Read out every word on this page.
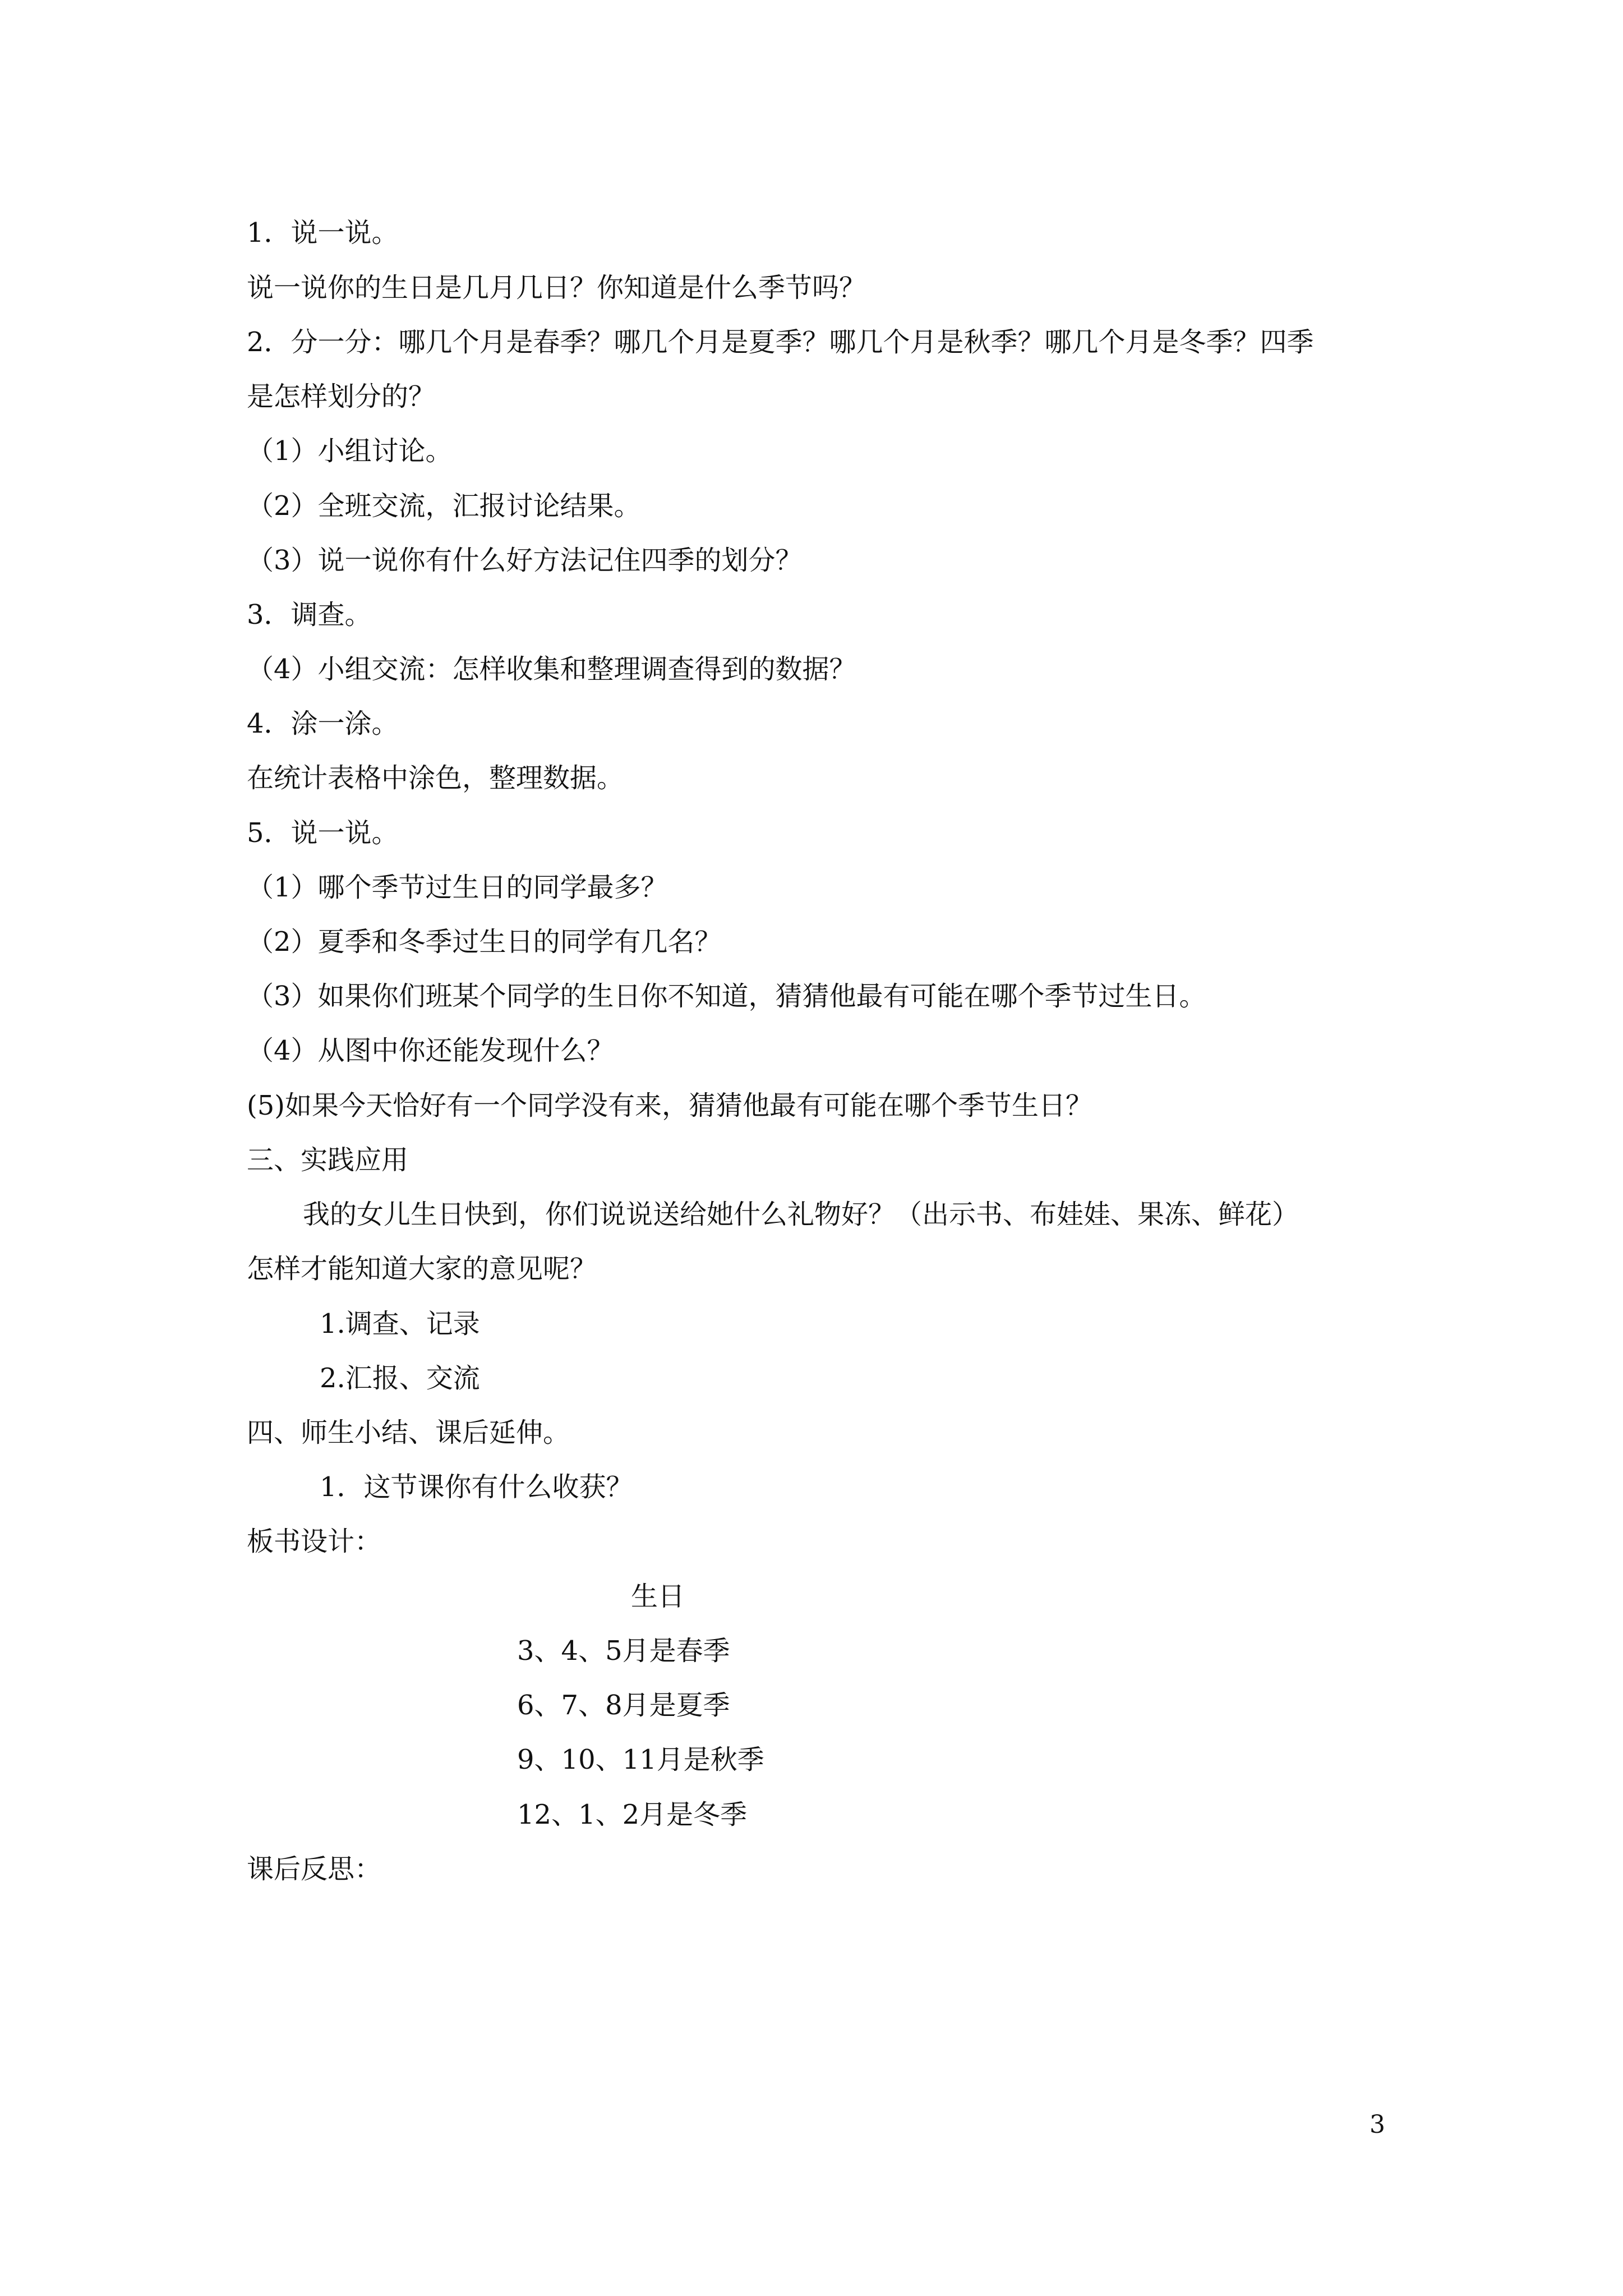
1．说一说。
说一说你的生日是几月几日？你知道是什么季节吗？
2．分一分：哪几个月是春季？哪几个月是夏季？哪几个月是秋季？哪几个月是冬季？四季
是怎样划分的？
（1）小组讨论。
（2）全班交流，汇报讨论结果。
（3）说一说你有什么好方法记住四季的划分？
3．调查。
（4）小组交流：怎样收集和整理调查得到的数据？
4．涂一涂。
在统计表格中涂色，整理数据。
5．说一说。
（1）哪个季节过生日的同学最多？
（2）夏季和冬季过生日的同学有几名？
（3）如果你们班某个同学的生日你不知道，猜猜他最有可能在哪个季节过生日。
（4）从图中你还能发现什么？
(5)如果今天恰好有一个同学没有来，猜猜他最有可能在哪个季节生日？
三、实践应用
我的女儿生日快到，你们说说送给她什么礼物好？（出示书、布娃娃、果冻、鲜花）
怎样才能知道大家的意见呢？
1.调查、记录
2.汇报、交流
四、师生小结、课后延伸。
1．这节课你有什么收获？
板书设计：
生日
3、4、5月是春季
6、7、8月是夏季
9、10、11月是秋季
12、1、2月是冬季
课后反思：
3
